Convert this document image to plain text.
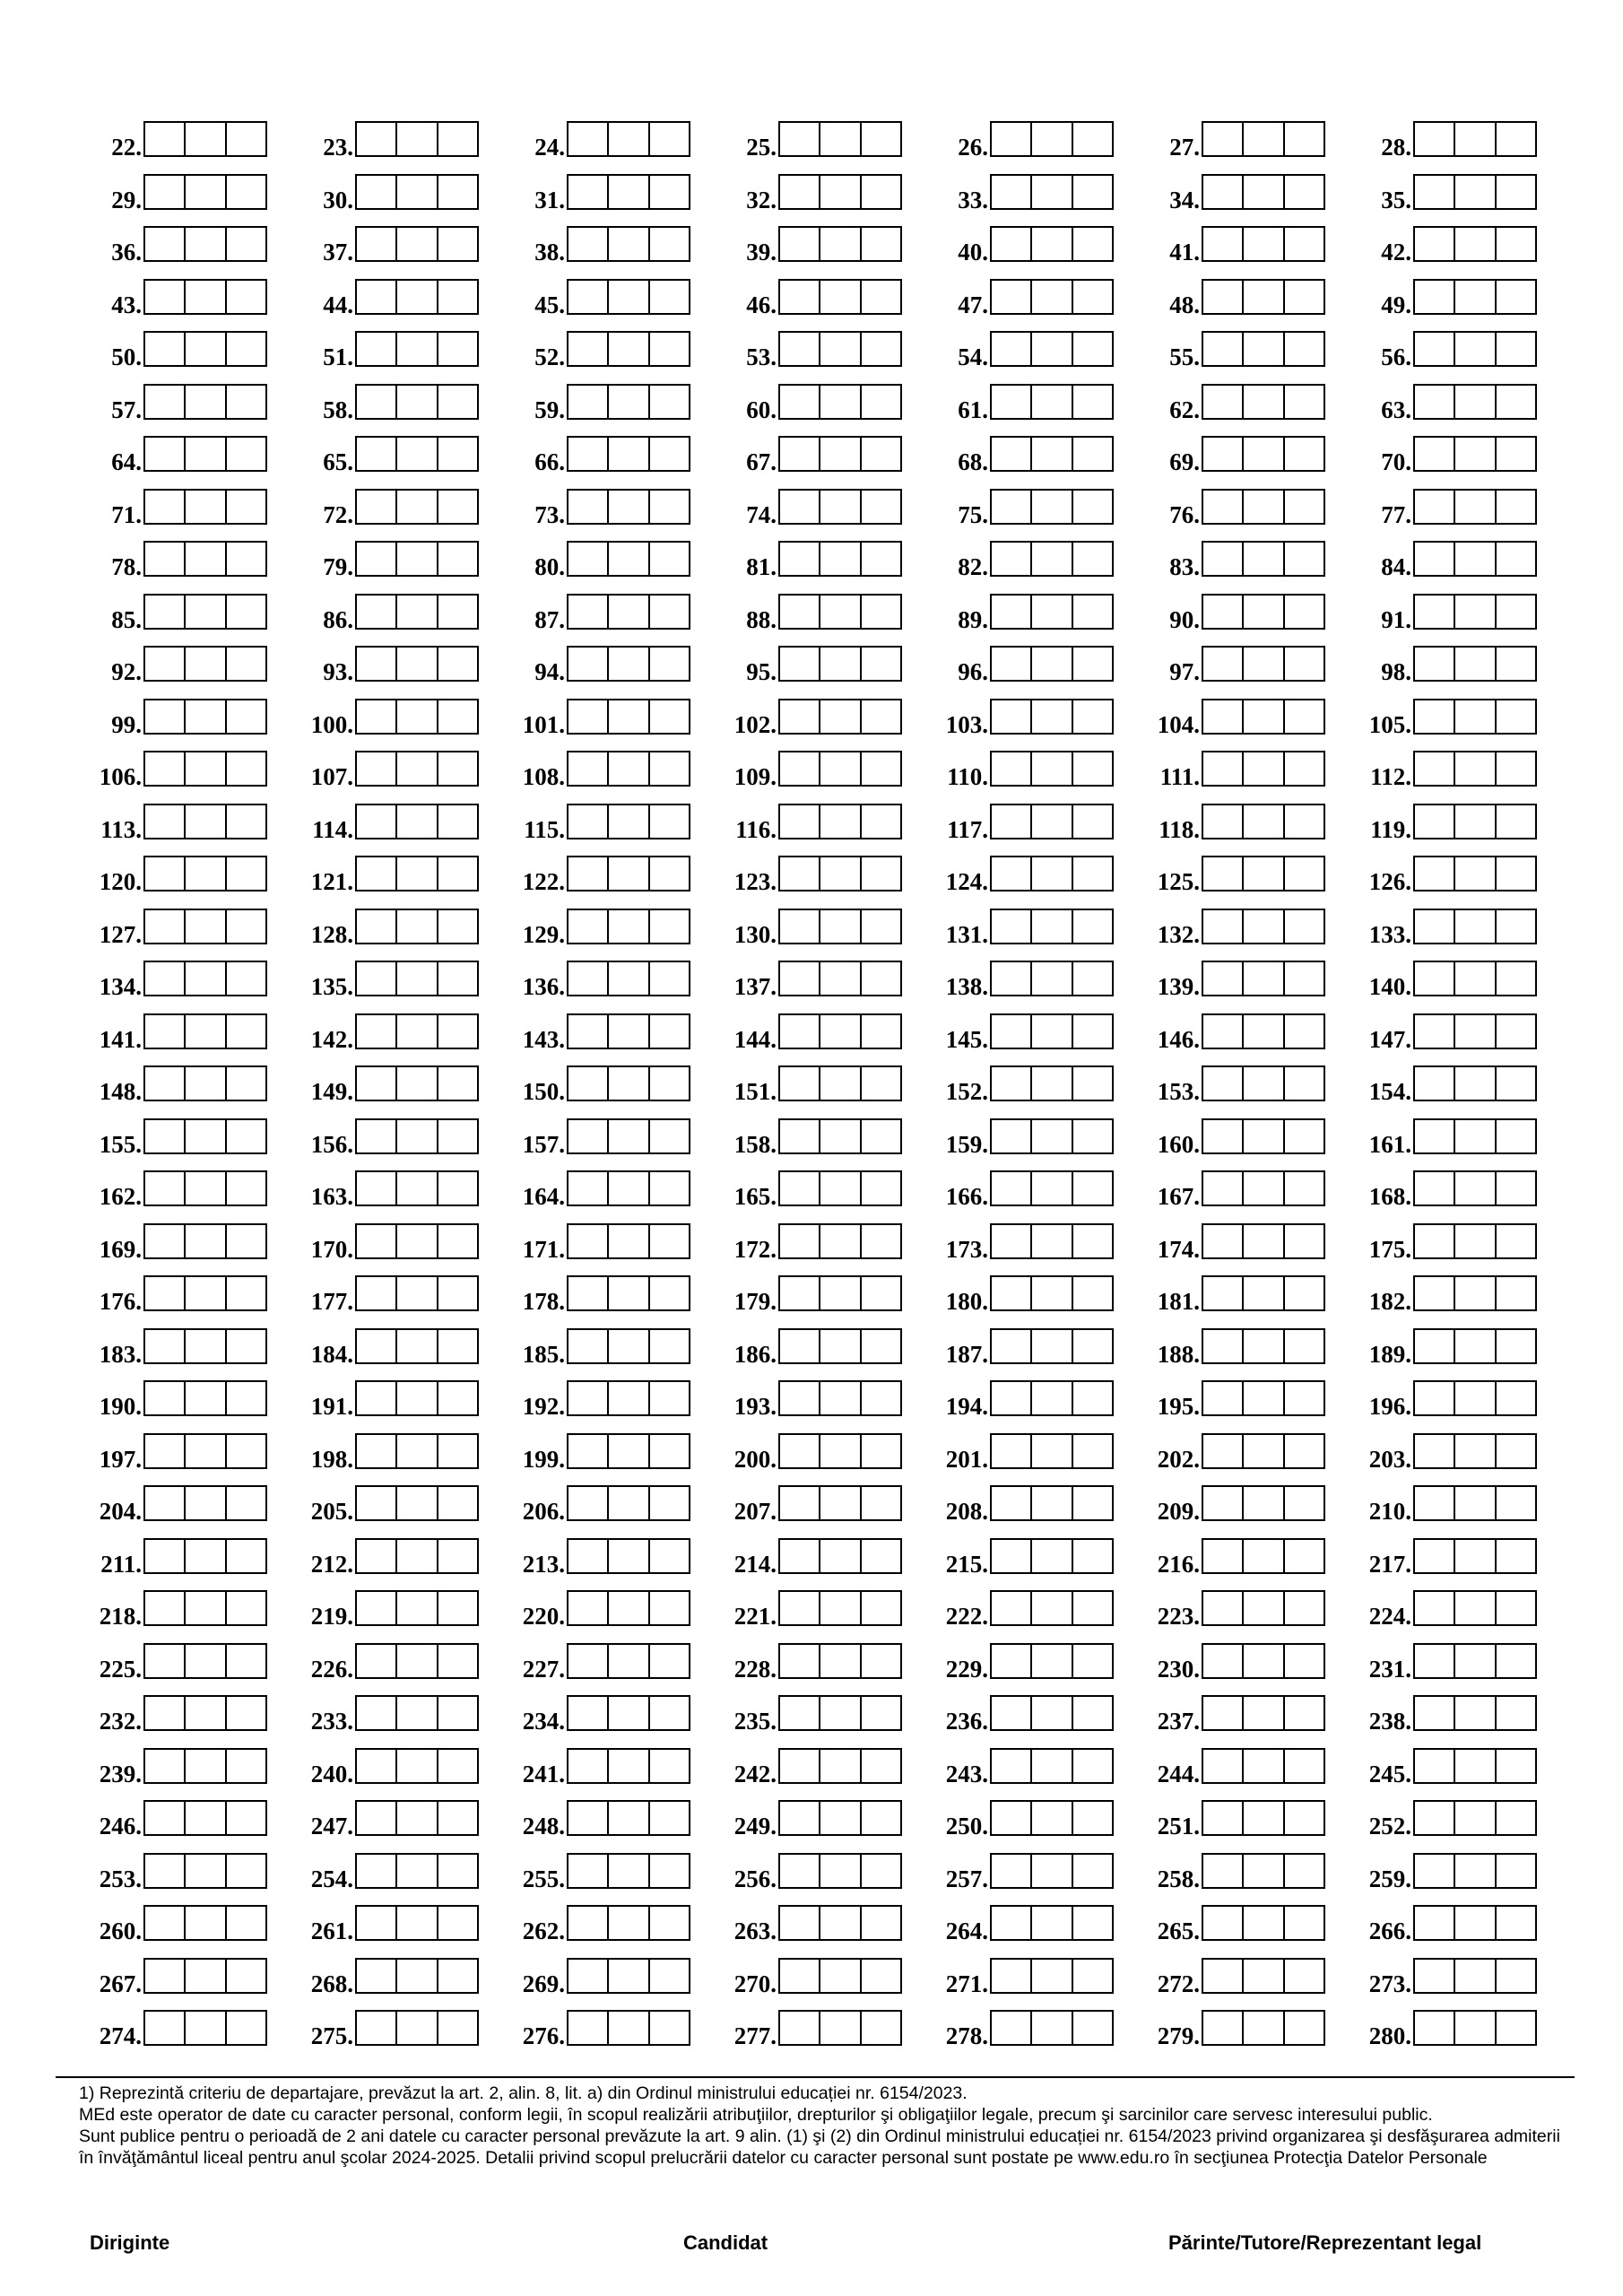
22.	23.	24.	25.	26.	27.	28.
29.	30.	31.	32.	33.	34.	35.
36.	37.	38.	39.	40.	41.	42.
43.	44.	45.	46.	47.	48.	49.
50.	51.	52.	53.	54.	55.	56.
57.	58.	59.	60.	61.	62.	63.
64.	65.	66.	67.	68.	69.	70.
71.	72.	73.	74.	75.	76.	77.
78.	79.	80.	81.	82.	83.	84.
85.	86.	87.	88.	89.	90.	91.
92.	93.	94.	95.	96.	97.	98.
99.	100.	101.	102.	103.	104.	105.
106.	107.	108.	109.	110.	111.	112.
113.	114.	115.	116.	117.	118.	119.
120.	121.	122.	123.	124.	125.	126.
127.	128.	129.	130.	131.	132.	133.
134.	135.	136.	137.	138.	139.	140.
141.	142.	143.	144.	145.	146.	147.
148.	149.	150.	151.	152.	153.	154.
155.	156.	157.	158.	159.	160.	161.
162.	163.	164.	165.	166.	167.	168.
169.	170.	171.	172.	173.	174.	175.
176.	177.	178.	179.	180.	181.	182.
183.	184.	185.	186.	187.	188.	189.
190.	191.	192.	193.	194.	195.	196.
197.	198.	199.	200.	201.	202.	203.
204.	205.	206.	207.	208.	209.	210.
211.	212.	213.	214.	215.	216.	217.
218.	219.	220.	221.	222.	223.	224.
225.	226.	227.	228.	229.	230.	231.
232.	233.	234.	235.	236.	237.	238.
239.	240.	241.	242.	243.	244.	245.
246.	247.	248.	249.	250.	251.	252.
253.	254.	255.	256.	257.	258.	259.
260.	261.	262.	263.	264.	265.	266.
267.	268.	269.	270.	271.	272.	273.
274.	275.	276.	277.	278.	279.	280.

1) Reprezintă criteriu de departajare, prevăzut la art. 2, alin. 8, lit. a) din Ordinul ministrului educației nr. 6154/2023.

MEd este operator de date cu caracter personal, conform legii, în scopul realizării atribuţiilor, drepturilor şi obligaţiilor legale, precum şi sarcinilor care servesc interesului public.

Sunt publice pentru o perioadă de 2 ani datele cu caracter personal prevăzute la art. 9 alin. (1) şi (2) din Ordinul ministrului educației nr. 6154/2023 privind organizarea şi desfăşurarea admiterii în învăţământul liceal pentru anul şcolar 2024-2025. Detalii privind scopul prelucrării datelor cu caracter personal sunt postate pe www.edu.ro în secţiunea Protecţia Datelor Personale

Diriginte	Candidat	Părinte/Tutore/Reprezentant legal
